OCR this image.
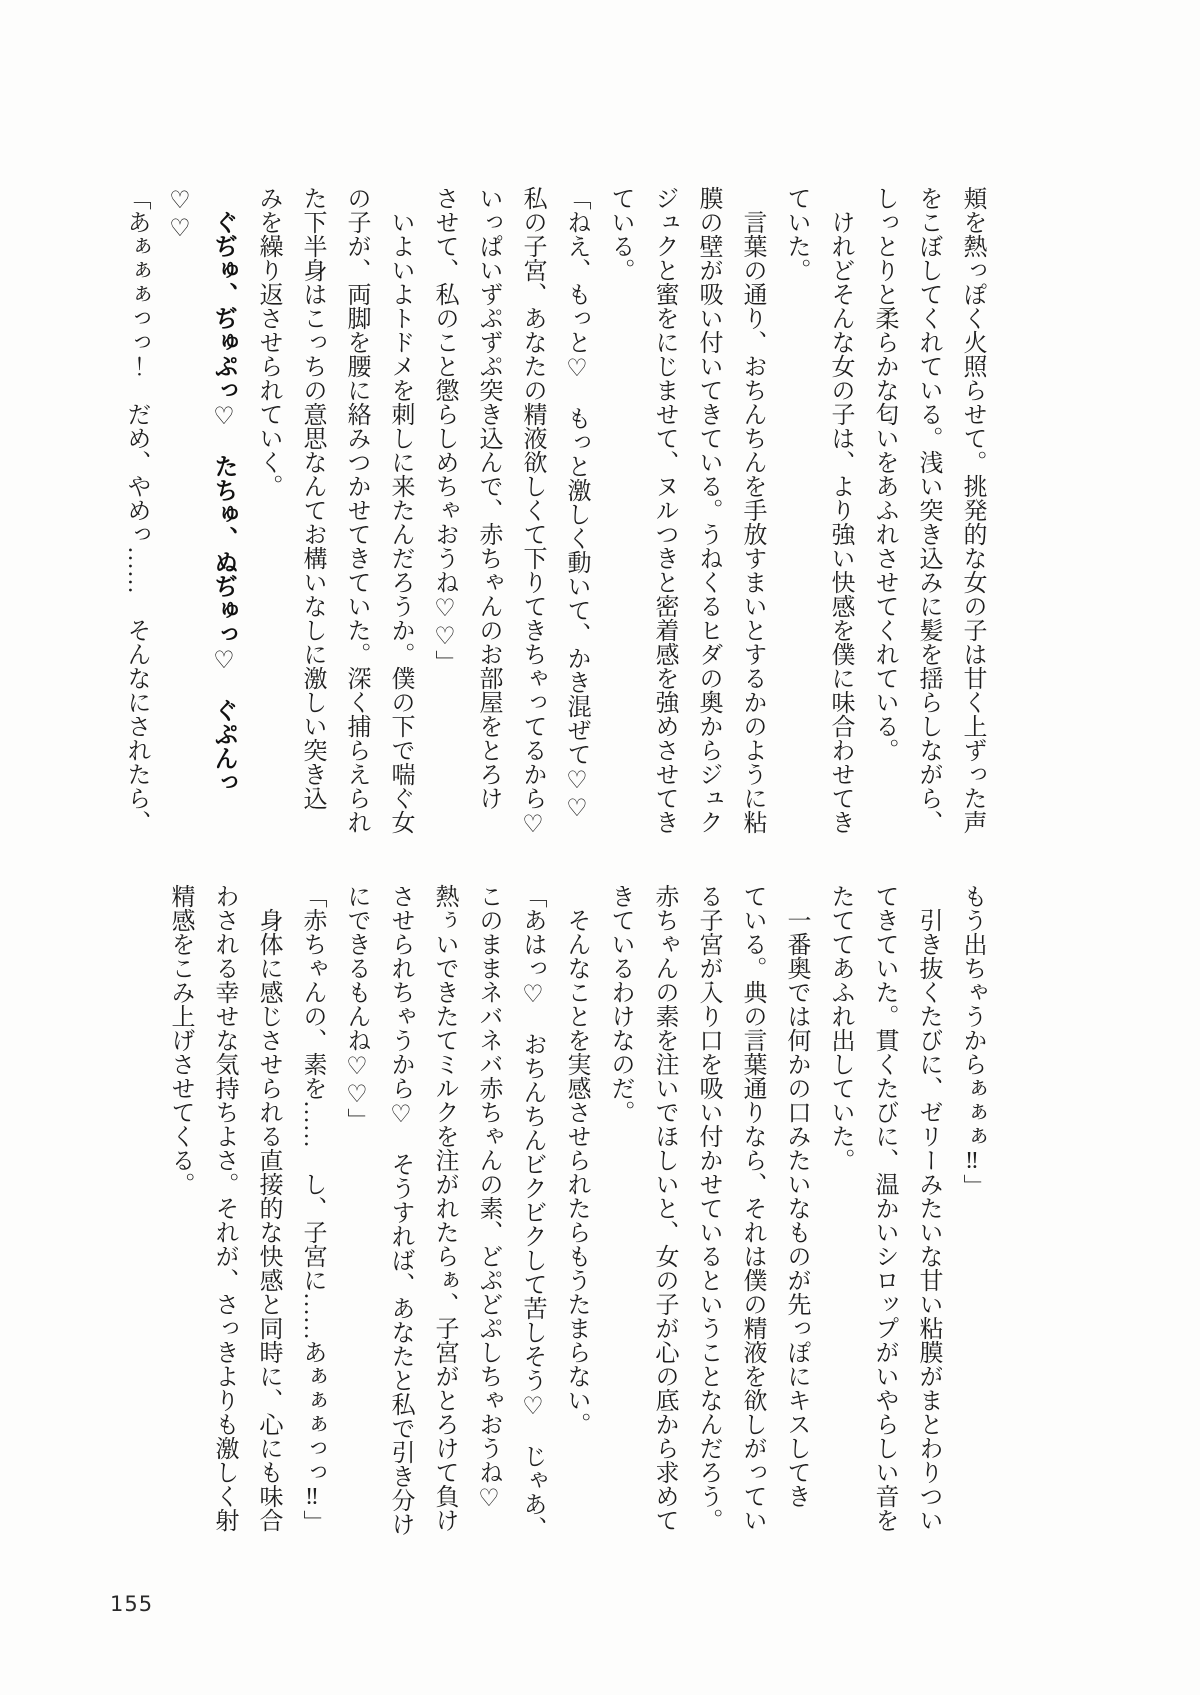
頬を熱っぽく火照らせて。挑発的な女の子は甘く上ずった声

をこぼしてくれている。浅い突き込みに髪を揺らしながら、

しっとりと柔らかな匂いをあふれさせてくれている。

けれどそんな女の子は、より強い快感を僕に味合わせてき

ていた。

言葉の通り、おちんちんを手放すまいとするかのように粘

膜の壁が吸い付いてきている。うねくるヒダの奥からジュク

ジュクと蜜をにじませて、ヌルつきと密着感を強めさせてき

ている。

「ねえ、もっと♡　もっと激しく動いて、かき混ぜて♡♡

私の子宮、あなたの精液欲しくて下りてきちゃってるから♡

いっぱいずぷずぷ突き込んで、赤ちゃんのお部屋をとろけ

させて、私のこと懲らしめちゃおうね♡♡」

いよいよトドメを刺しに来たんだろうか。僕の下で喘ぐ女

の子が、両脚を腰に絡みつかせてきていた。深く捕らえられ

た下半身はこっちの意思なんてお構いなしに激しい突き込

みを繰り返させられていく。

ぐぢゅ、ぢゅぷっ♡　たちゅ、ぬぢゅっ♡　ぐぷんっ♡♡

「あぁぁぁっっ！　だめ、やめっ……　そんなにされたら、

もう出ちゃうからぁぁぁ‼」

引き抜くたびに、ゼリーみたいな甘い粘膜がまとわりつい

てきていた。貫くたびに、温かいシロップがいやらしい音を

たててあふれ出していた。

一番奥では何かの口みたいなものが先っぽにキスしてき

ている。典の言葉通りなら、それは僕の精液を欲しがってい

る子宮が入り口を吸い付かせているということなんだろう。

赤ちゃんの素を注いでほしいと、女の子が心の底から求めて

きているわけなのだ。

そんなことを実感させられたらもうたまらない。

「あはっ♡　おちんちんビクビクして苦しそう♡　じゃあ、

このままネバネバ赤ちゃんの素、どぷどぷしちゃおうね♡

熱ぅいできたてミルクを注がれたらぁ、子宮がとろけて負け

させられちゃうから♡　そうすれば、あなたと私で引き分け

にできるもんね♡♡」

「赤ちゃんの、素を……　し、子宮に……あぁぁぁっっ‼」

身体に感じさせられる直接的な快感と同時に、心にも味合

わされる幸せな気持ちよさ。それが、さっきよりも激しく射

精感をこみ上げさせてくる。

155
